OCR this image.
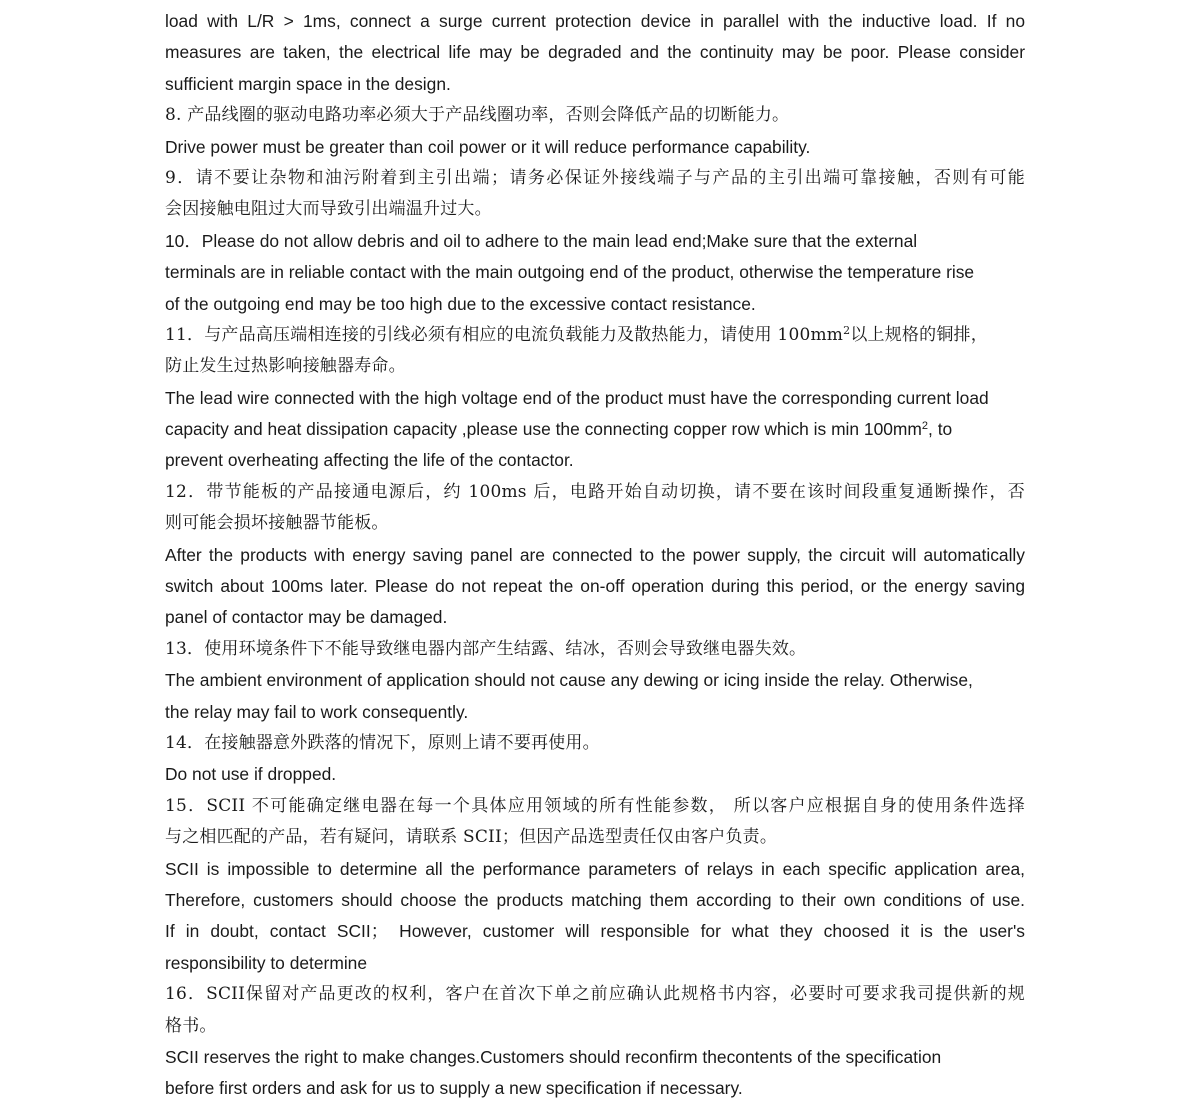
load with L/R > 1ms, connect a surge current protection device in parallel with the inductive load. If no
measures are taken, the electrical life may be degraded and the continuity may be poor. Please consider
sufficient margin space in the design.
8. 产品线圈的驱动电路功率必须大于产品线圈功率，否则会降低产品的切断能力。
Drive power must be greater than coil power or it will reduce performance capability.
9．请不要让杂物和油污附着到主引出端；请务必保证外接线端子与产品的主引出端可靠接触，否则有可能
会因接触电阻过大而导致引出端温升过大。
10．Please do not allow debris and oil to adhere to the main lead end;Make sure that the external
terminals are in reliable contact with the main outgoing end of the product, otherwise the temperature rise
of the outgoing end may be too high due to the excessive contact resistance.
11．与产品高压端相连接的引线必须有相应的电流负载能力及散热能力，请使用 $100mm^2$以上规格的铜排，
防止发生过热影响接触器寿命。
The lead wire connected with the high voltage end of the product must have the corresponding current load
capacity and heat dissipation capacity ,please use the connecting copper row which is $\min 100mm^2$, to
prevent overheating affecting the life of the contactor.
12．带节能板的产品接通电源后，约 100ms 后，电路开始自动切换，请不要在该时间段重复通断操作，否
则可能会损坏接触器节能板。
After the products with energy saving panel are connected to the power supply, the circuit will automatically
switch about 100ms later. Please do not repeat the on-off operation during this period, or the energy saving
panel of contactor may be damaged.
13．使用环境条件下不能导致继电器内部产生结露、结冰，否则会导致继电器失效。
The ambient environment of application should not cause any dewing or icing inside the relay. Otherwise,
the relay may fail to work consequently.
14．在接触器意外跌落的情况下，原则上请不要再使用。
Do not use if dropped.
15．SCII 不可能确定继电器在每一个具体应用领域的所有性能参数， 所以客户应根据自身的使用条件选择
与之相匹配的产品，若有疑问，请联系 SCII；但因产品选型责任仅由客户负责。
SCII is impossible to determine all the performance parameters of relays in each specific application area,
Therefore, customers should choose the products matching them according to their own conditions of use.
If in doubt, contact SCII； However, customer will responsible for what they choosed it is the user's
responsibility to determine
16．SCII保留对产品更改的权利，客户在首次下单之前应确认此规格书内容，必要时可要求我司提供新的规
格书。
SCII reserves the right to make changes.Customers should reconfirm thecontents of the specification
before first orders and ask for us to supply a new specification if necessary.
